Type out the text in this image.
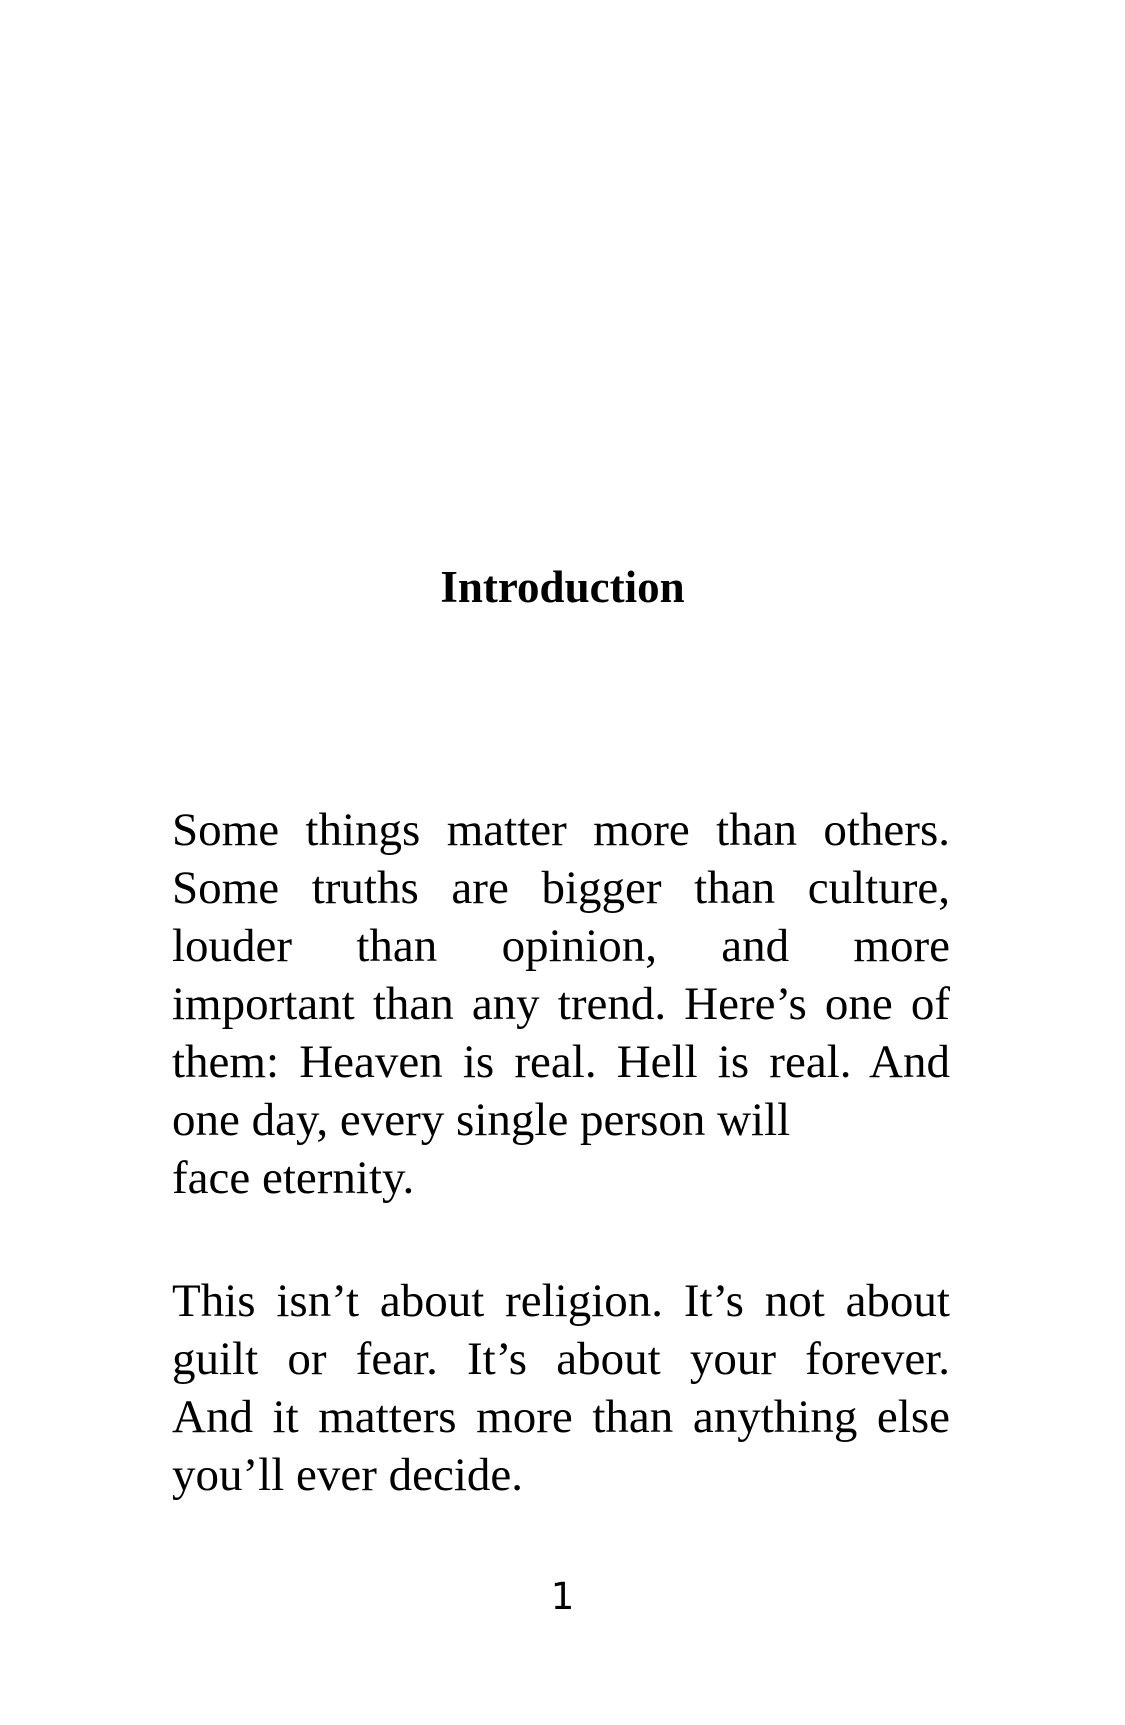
Introduction

Some things matter more than others.
Some truths are bigger than culture,
louder than opinion, and more
important than any trend. Here’s one of
them: Heaven is real. Hell is real. And
one day, every single person will
face eternity.

This isn’t about religion. It’s not about
guilt or fear. It’s about your forever.
And it matters more than anything else
you’ll ever decide.

1
